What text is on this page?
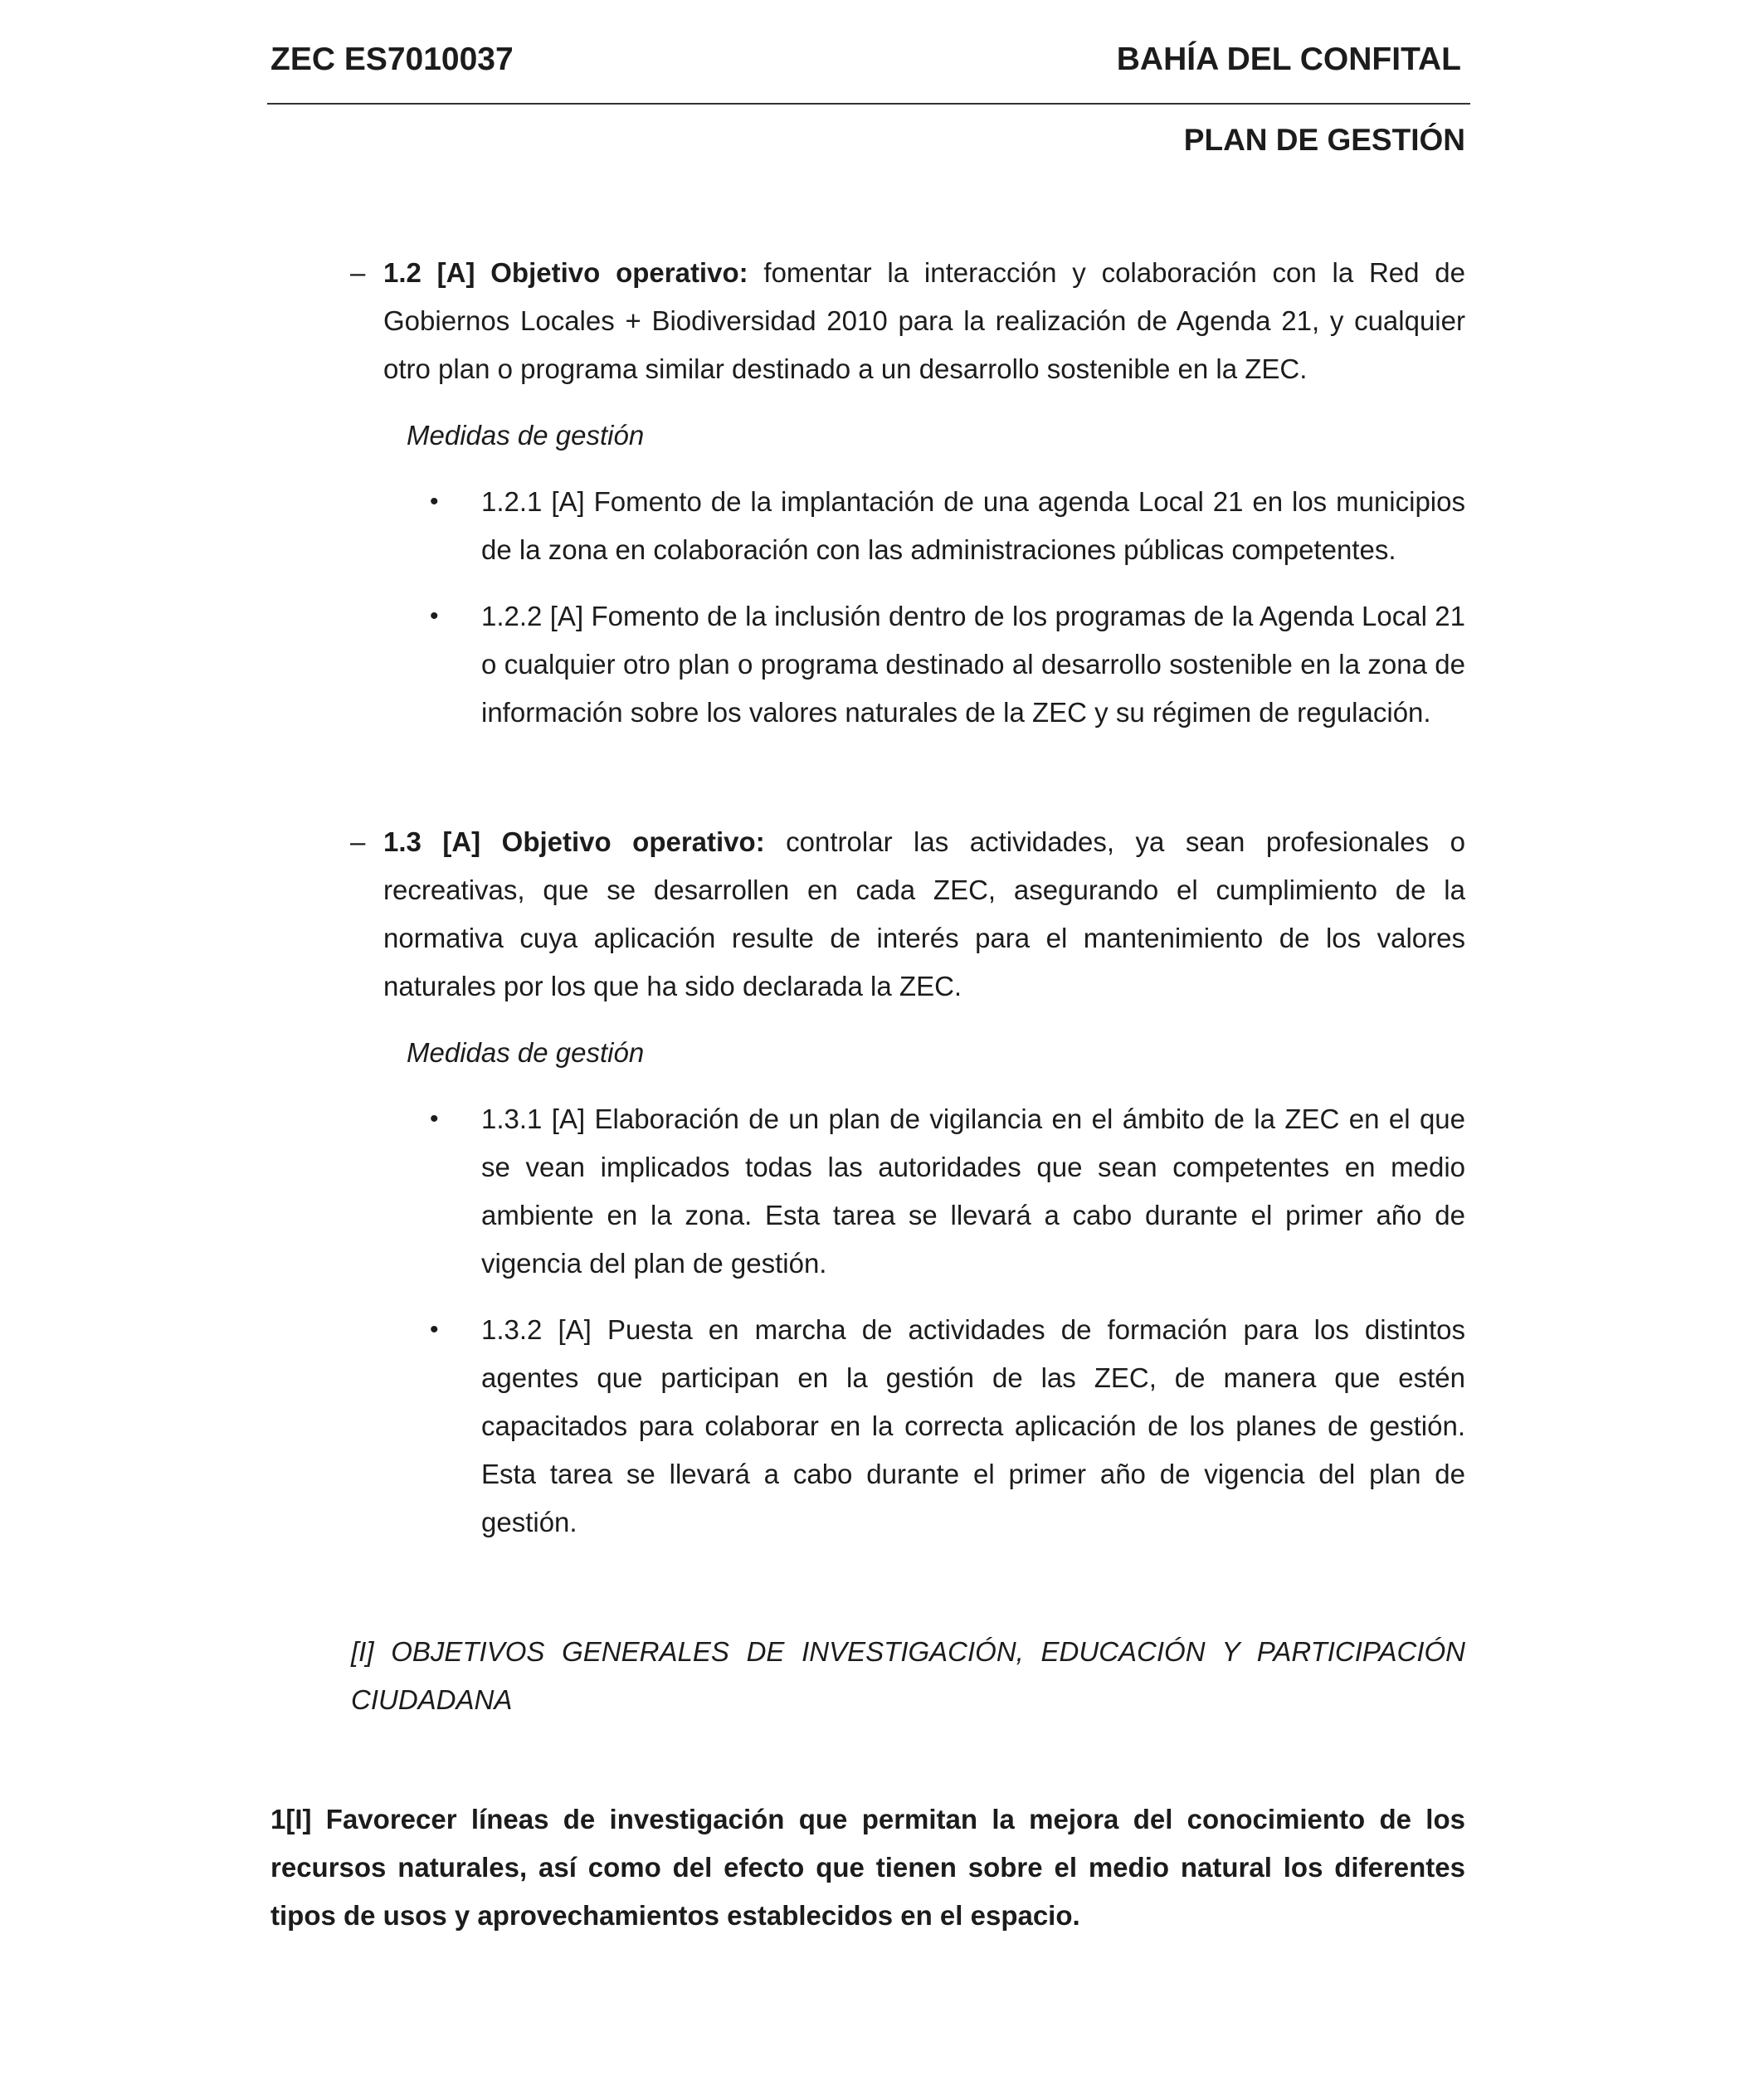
ZEC ES7010037	BAHÍA DEL CONFITAL
PLAN DE GESTIÓN
– 1.2 [A] Objetivo operativo: fomentar la interacción y colaboración con la Red de Gobiernos Locales + Biodiversidad 2010 para la realización de Agenda 21, y cualquier otro plan o programa similar destinado a un desarrollo sostenible en la ZEC.
Medidas de gestión
• 1.2.1 [A] Fomento de la implantación de una agenda Local 21 en los municipios de la zona en colaboración con las administraciones públicas competentes.
• 1.2.2 [A] Fomento de la inclusión dentro de los programas de la Agenda Local 21 o cualquier otro plan o programa destinado al desarrollo sostenible en la zona de información sobre los valores naturales de la ZEC y su régimen de regulación.
– 1.3 [A] Objetivo operativo: controlar las actividades, ya sean profesionales o recreativas, que se desarrollen en cada ZEC, asegurando el cumplimiento de la normativa cuya aplicación resulte de interés para el mantenimiento de los valores naturales por los que ha sido declarada la ZEC.
Medidas de gestión
• 1.3.1 [A] Elaboración de un plan de vigilancia en el ámbito de la ZEC en el que se vean implicados todas las autoridades que sean competentes en medio ambiente en la zona. Esta tarea se llevará a cabo durante el primer año de vigencia del plan de gestión.
• 1.3.2 [A] Puesta en marcha de actividades de formación para los distintos agentes que participan en la gestión de las ZEC, de manera que estén capacitados para colaborar en la correcta aplicación de los planes de gestión. Esta tarea se llevará a cabo durante el primer año de vigencia del plan de gestión.
[I] OBJETIVOS GENERALES DE INVESTIGACIÓN, EDUCACIÓN Y PARTICIPACIÓN CIUDADANA
1[I] Favorecer líneas de investigación que permitan la mejora del conocimiento de los recursos naturales, así como del efecto que tienen sobre el medio natural los diferentes tipos de usos y aprovechamientos establecidos en el espacio.
